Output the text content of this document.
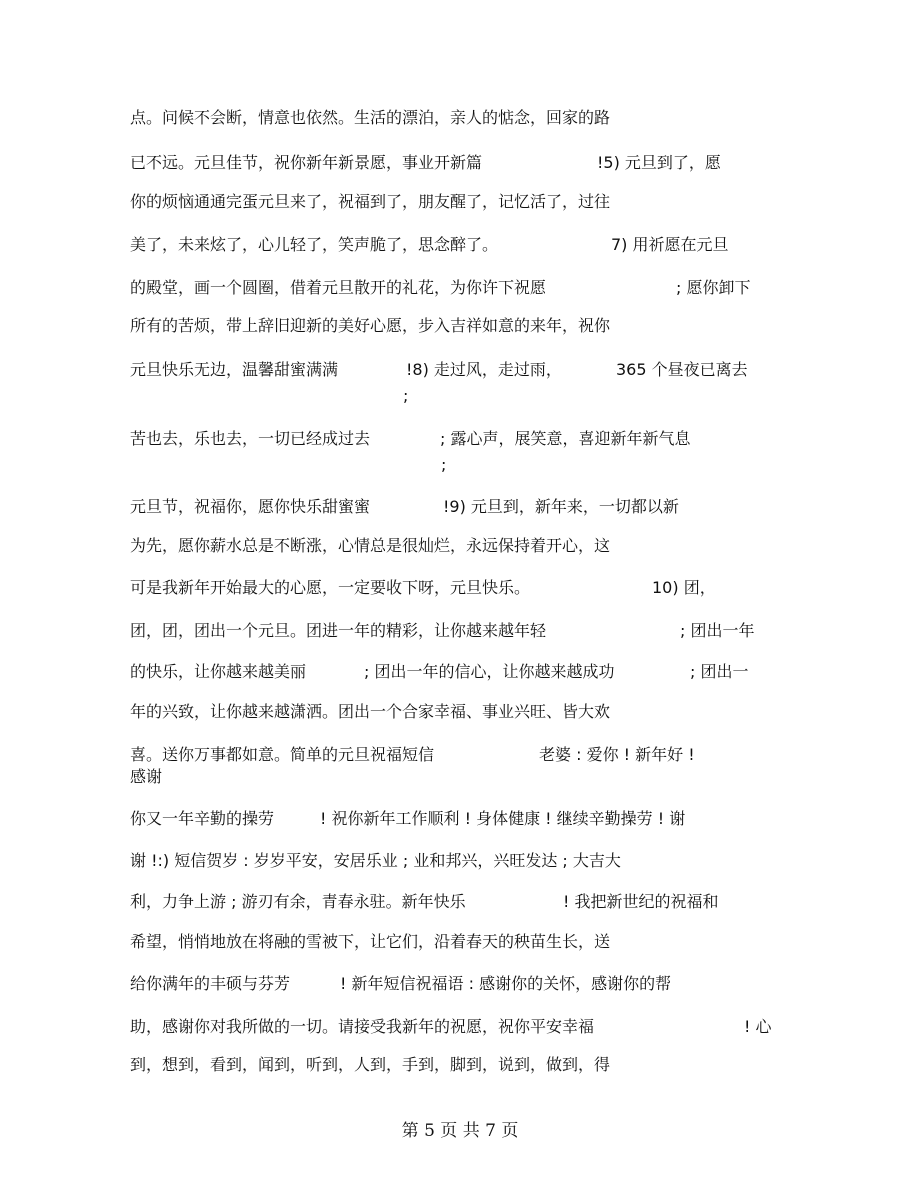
点。问候不会断，情意也依然。生活的漂泊，亲人的惦念，回家的路
已不远。元旦佳节，祝你新年新景愿，事业开新篇	!5) 元旦到了，愿
你的烦恼通通完蛋元旦来了，祝福到了，朋友醒了，记忆活了，过往
美了，未来炫了，心儿轻了，笑声脆了，思念醉了。	7) 用祈愿在元旦
的殿堂，画一个圆圈，借着元旦散开的礼花，为你许下祝愿	; 愿你卸下
所有的苦烦，带上辞旧迎新的美好心愿，步入吉祥如意的来年，祝你
元旦快乐无边，温馨甜蜜满满	!8) 走过风，走过雨，	365 个昼夜已离去
;
苦也去，乐也去，一切已经成过去	; 露心声，展笑意，喜迎新年新气息
;
元旦节，祝福你，愿你快乐甜蜜蜜	!9) 元旦到，新年来，一切都以新
为先，愿你薪水总是不断涨，心情总是很灿烂，永远保持着开心，这
可是我新年开始最大的心愿，一定要收下呀，元旦快乐。	10) 团，
团，团，团出一个元旦。团进一年的精彩，让你越来越年轻	; 团出一年
的快乐，让你越来越美丽	; 团出一年的信心，让你越来越成功	; 团出一
年的兴致，让你越来越潇洒。团出一个合家幸福、事业兴旺、皆大欢
喜。送你万事都如意。简单的元旦祝福短信	老婆 : 爱你 ! 新年好 !
感谢
你又一年辛勤的操劳	! 祝你新年工作顺利 ! 身体健康 ! 继续辛勤操劳 ! 谢
谢 !:) 短信贺岁 : 岁岁平安，安居乐业 ; 业和邦兴，兴旺发达 ; 大吉大
利，力争上游 ; 游刃有余，青春永驻。新年快乐	! 我把新世纪的祝福和
希望，悄悄地放在将融的雪被下，让它们，沿着春天的秧苗生长，送
给你满年的丰硕与芬芳	! 新年短信祝福语 : 感谢你的关怀，感谢你的帮
助，感谢你对我所做的一切。请接受我新年的祝愿，祝你平安幸福	! 心
到，想到，看到，闻到，听到，人到，手到，脚到，说到，做到，得
第 5 页 共 7 页
